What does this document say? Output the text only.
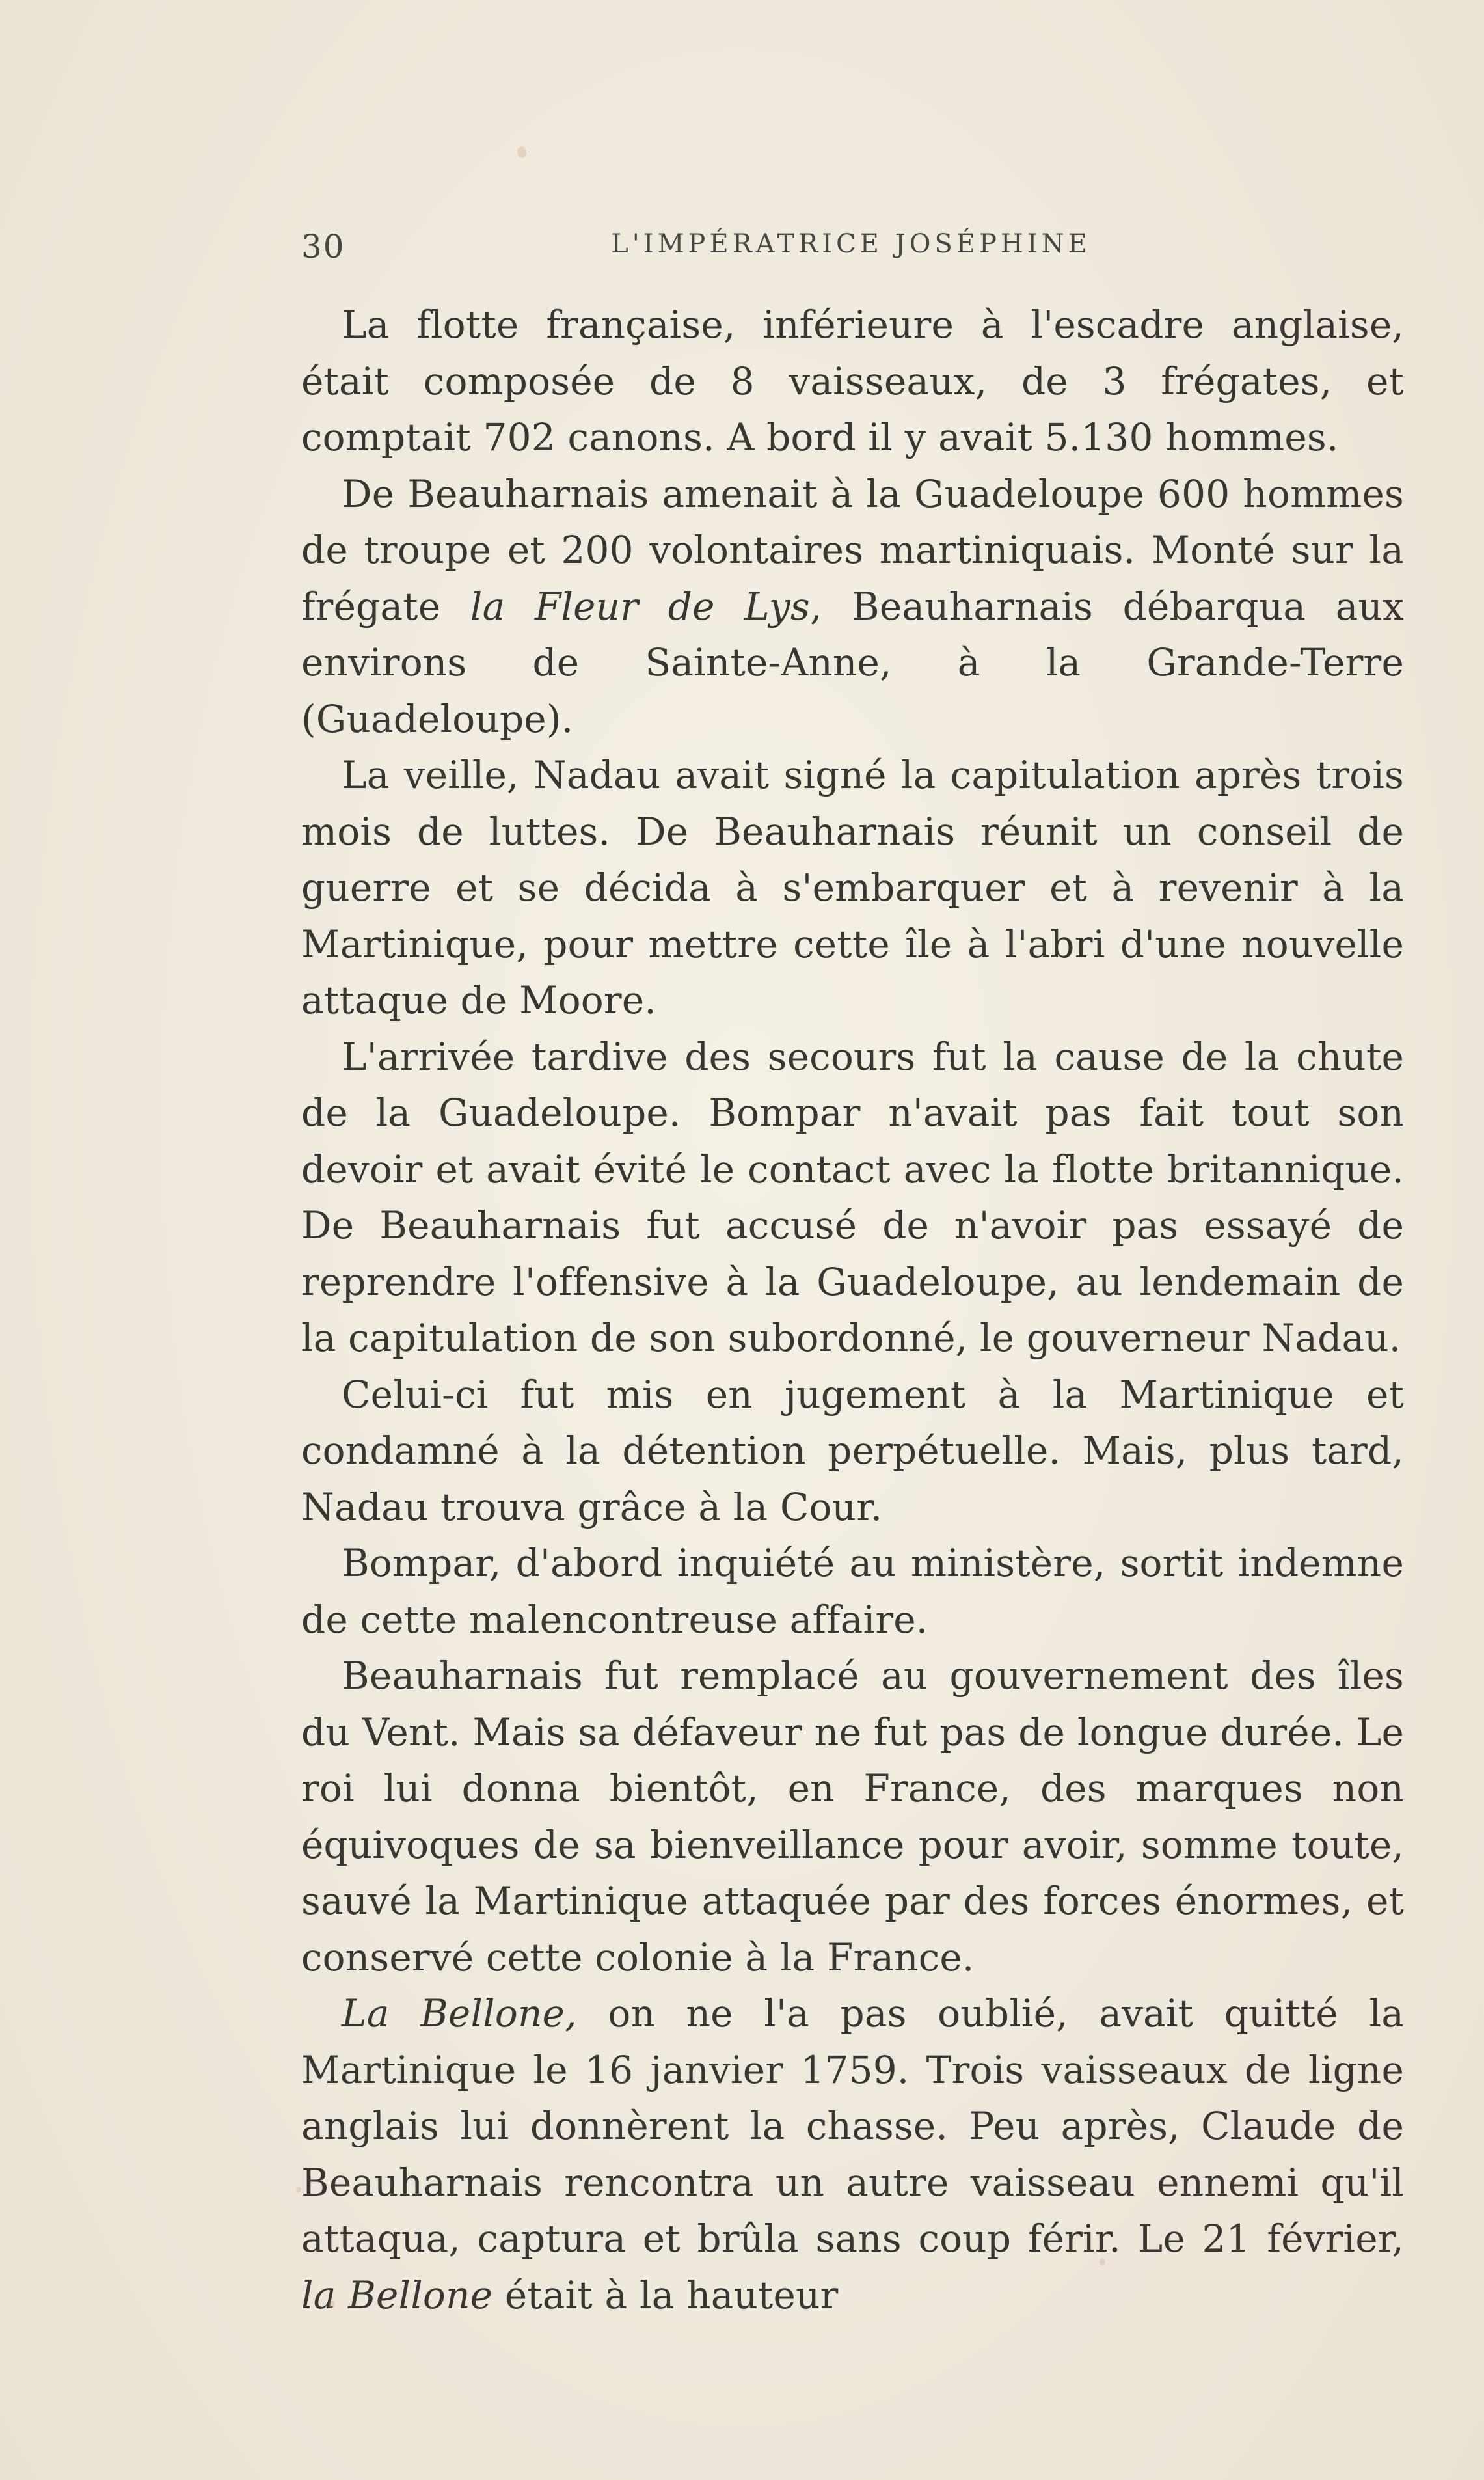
30	L'IMPÉRATRICE JOSÉPHINE

La flotte française, inférieure à l'escadre anglaise, était composée de 8 vaisseaux, de 3 frégates, et comptait 702 canons. A bord il y avait 5.130 hommes.

De Beauharnais amenait à la Guadeloupe 600 hommes de troupe et 200 volontaires martiniquais. Monté sur la frégate la Fleur de Lys, Beauharnais débarqua aux environs de Sainte-Anne, à la Grande-Terre (Guadeloupe).

La veille, Nadau avait signé la capitulation après trois mois de luttes. De Beauharnais réunit un conseil de guerre et se décida à s'embarquer et à revenir à la Martinique, pour mettre cette île à l'abri d'une nouvelle attaque de Moore.

L'arrivée tardive des secours fut la cause de la chute de la Guadeloupe. Bompar n'avait pas fait tout son devoir et avait évité le contact avec la flotte britannique. De Beauharnais fut accusé de n'avoir pas essayé de reprendre l'offensive à la Guadeloupe, au lendemain de la capitulation de son subordonné, le gouverneur Nadau.

Celui-ci fut mis en jugement à la Martinique et condamné à la détention perpétuelle. Mais, plus tard, Nadau trouva grâce à la Cour.

Bompar, d'abord inquiété au ministère, sortit indemne de cette malencontreuse affaire.

Beauharnais fut remplacé au gouvernement des îles du Vent. Mais sa défaveur ne fut pas de longue durée. Le roi lui donna bientôt, en France, des marques non équivoques de sa bienveillance pour avoir, somme toute, sauvé la Martinique attaquée par des forces énormes, et conservé cette colonie à la France.

La Bellone, on ne l'a pas oublié, avait quitté la Martinique le 16 janvier 1759. Trois vaisseaux de ligne anglais lui donnèrent la chasse. Peu après, Claude de Beauharnais rencontra un autre vaisseau ennemi qu'il attaqua, captura et brûla sans coup férir. Le 21 février, la Bellone était à la hauteur
